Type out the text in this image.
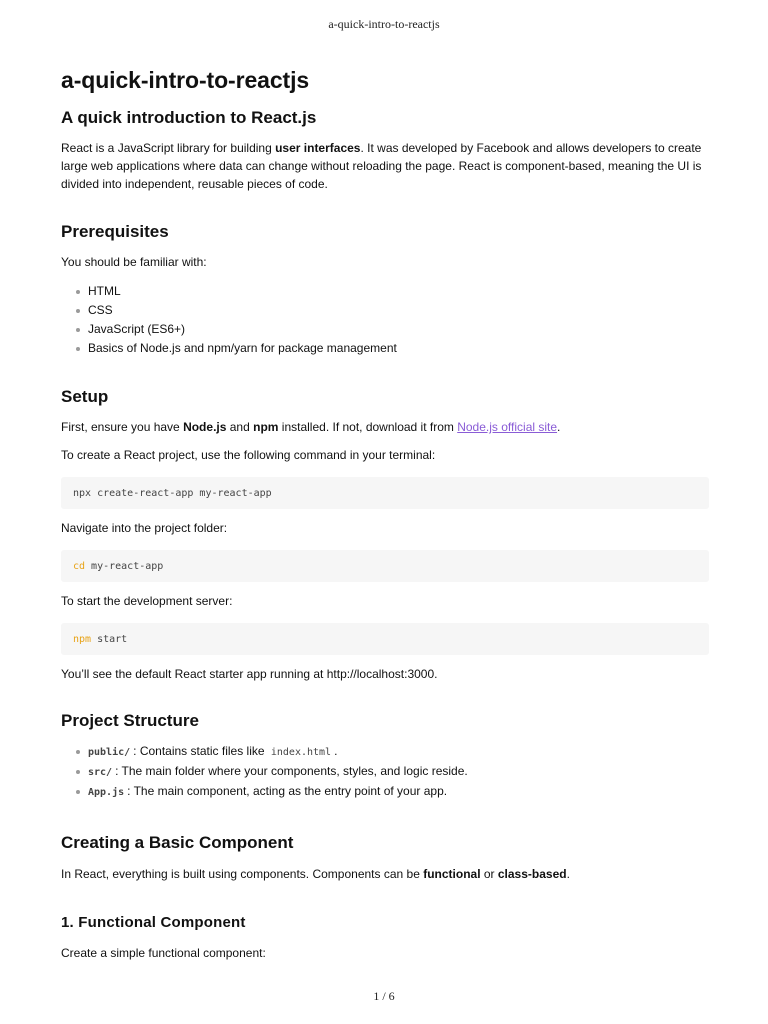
a-quick-intro-to-reactjs
a-quick-intro-to-reactjs
A quick introduction to React.js

React is a JavaScript library for building user interfaces. It was developed by Facebook and allows developers to create large web applications where data can change without reloading the page. React is component-based, meaning the UI is divided into independent, reusable pieces of code.

Prerequisites

You should be familiar with:

HTML
CSS
JavaScript (ES6+)
Basics of Node.js and npm/yarn for package management
Setup

First, ensure you have Node.js and npm installed. If not, download it from Node.js official site.

To create a React project, use the following command in your terminal:

npx create-react-app my-react-app

Navigate into the project folder:

cd my-react-app

To start the development server:

npm start

You’ll see the default React starter app running at http://localhost:3000.

Project Structure
public/ : Contains static files like index.html .
src/ : The main folder where your components, styles, and logic reside.
App.js : The main component, acting as the entry point of your app.
Creating a Basic Component

In React, everything is built using components. Components can be functional or class-based.

1. Functional Component

Create a simple functional component:

1 / 6
